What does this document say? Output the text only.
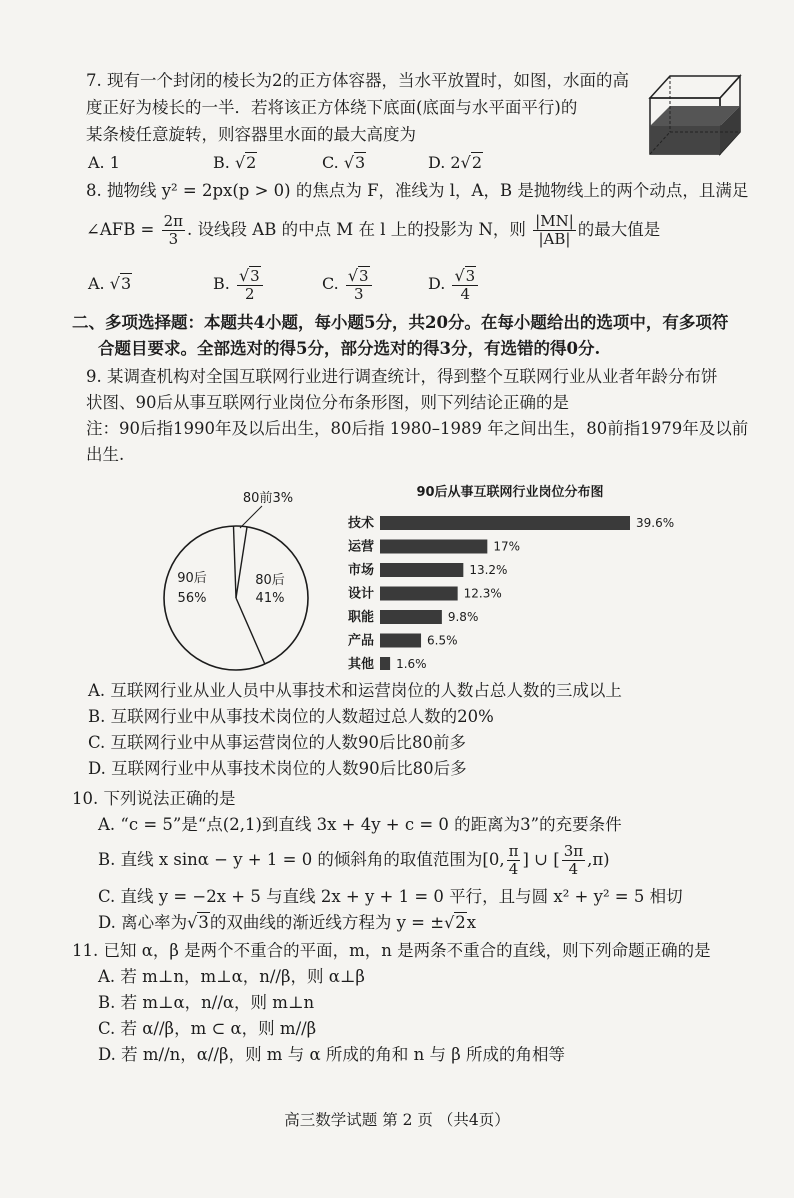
7. 现有一个封闭的棱长为2的正方体容器，当水平放置时，如图，水面的高
度正好为棱长的一半．若将该正方体绕下底面(底面与水平面平行)的
某条棱任意旋转，则容器里水面的最大高度为
A. 1	B. √2	C. √3	D. 2√2
8. 抛物线 y² = 2px(p > 0) 的焦点为 F，准线为 l，A，B 是抛物线上的两个动点，且满足
∠AFB = $\frac{2\pi}{3}$ . 设线段 AB 的中点 M 在 l 上的投影为 N，则 $\frac{|MN|}{|AB|}$ 的最大值是
A. √3	B. $\frac{√3}{2}$	C. $\frac{√3}{3}$	D. $\frac{√3}{4}$
二、多项选择题：本题共4小题，每小题5分，共20分。在每小题给出的选项中，有多项符
合题目要求。全部选对的得5分，部分选对的得3分，有选错的得0分.
9. 某调查机构对全国互联网行业进行调查统计，得到整个互联网行业从业者年龄分布饼
状图、90后从事互联网行业岗位分布条形图，则下列结论正确的是
注：90后指1990年及以后出生，80后指 1980–1989 年之间出生，80前指1979年及以前
出生.
90后
56%
80后
41%
80前3%	90后从事互联网行业岗位分布图
技术	39.6%
运营	17%
市场	13.2%
设计	12.3%
职能	9.8%
产品	6.5%
其他 1.6%
A. 互联网行业从业人员中从事技术和运营岗位的人数占总人数的三成以上
B. 互联网行业中从事技术岗位的人数超过总人数的20%
C. 互联网行业中从事运营岗位的人数90后比80前多
D. 互联网行业中从事技术岗位的人数90后比80后多
10. 下列说法正确的是
A. “c = 5”是“点(2,1)到直线 3x + 4y + c = 0 的距离为3”的充要条件
B. 直线 x sinα − y + 1 = 0 的倾斜角的取值范围为[0, $\frac{\pi}{4}$ ] ∪ [ $\frac{3\pi}{4} ,\pi$)
C. 直线 y = −2x + 5 与直线 2x + y + 1 = 0 平行，且与圆 x² + y² = 5 相切
D. 离心率为√3的双曲线的渐近线方程为 y = ±√2x
11. 已知 α，β 是两个不重合的平面，m，n 是两条不重合的直线，则下列命题正确的是
A. 若 m⊥n，m⊥α，n//β，则 α⊥β
B. 若 m⊥α，n//α，则 m⊥n
C. 若 α//β，m ⊂ α，则 m//β
D. 若 m//n，α//β，则 m 与 α 所成的角和 n 与 β 所成的角相等
高三数学试题 第 2 页 （共4页）
